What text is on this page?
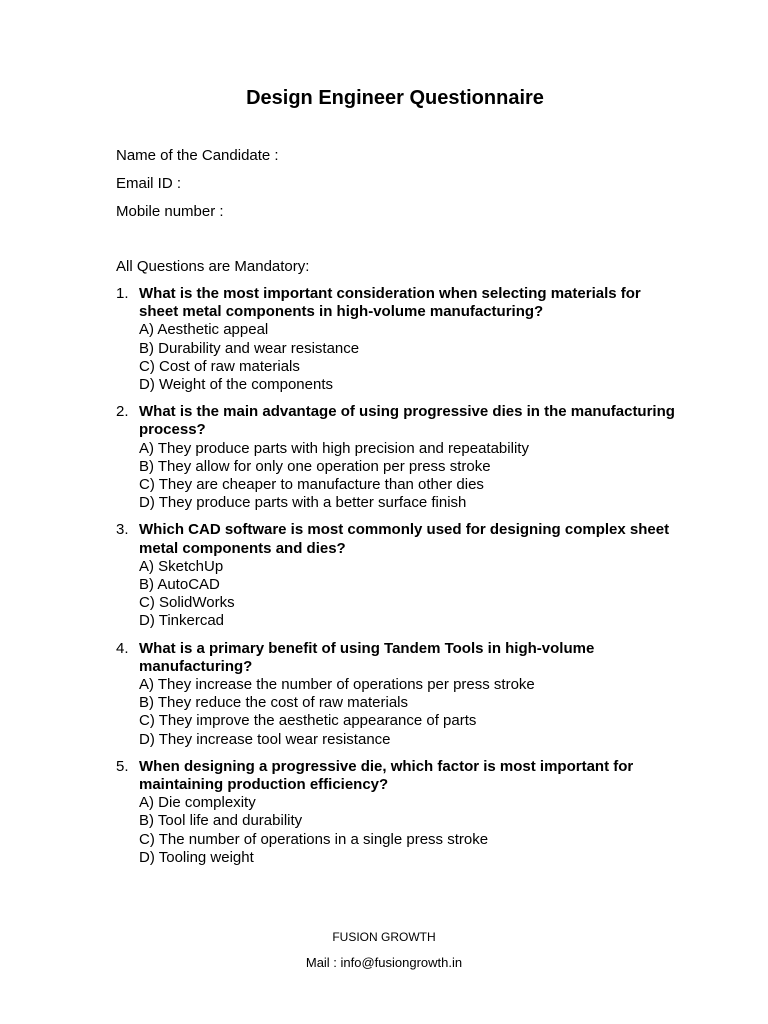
Design Engineer Questionnaire

Name of the Candidate :

Email ID :

Mobile number :

All Questions are Mandatory:

1. What is the most important consideration when selecting materials for sheet metal components in high-volume manufacturing?

A) Aesthetic appeal

B) Durability and wear resistance

C) Cost of raw materials

D) Weight of the components

2. What is the main advantage of using progressive dies in the manufacturing process?

A) They produce parts with high precision and repeatability

B) They allow for only one operation per press stroke

C) They are cheaper to manufacture than other dies

D) They produce parts with a better surface finish

3. Which CAD software is most commonly used for designing complex sheet metal components and dies?

A) SketchUp

B) AutoCAD

C) SolidWorks

D) Tinkercad

4. What is a primary benefit of using Tandem Tools in high-volume manufacturing?

A) They increase the number of operations per press stroke

B) They reduce the cost of raw materials

C) They improve the aesthetic appearance of parts

D) They increase tool wear resistance

5. When designing a progressive die, which factor is most important for maintaining production efficiency?

A) Die complexity

B) Tool life and durability

C) The number of operations in a single press stroke

D) Tooling weight

FUSION GROWTH

Mail : info@fusiongrowth.in
